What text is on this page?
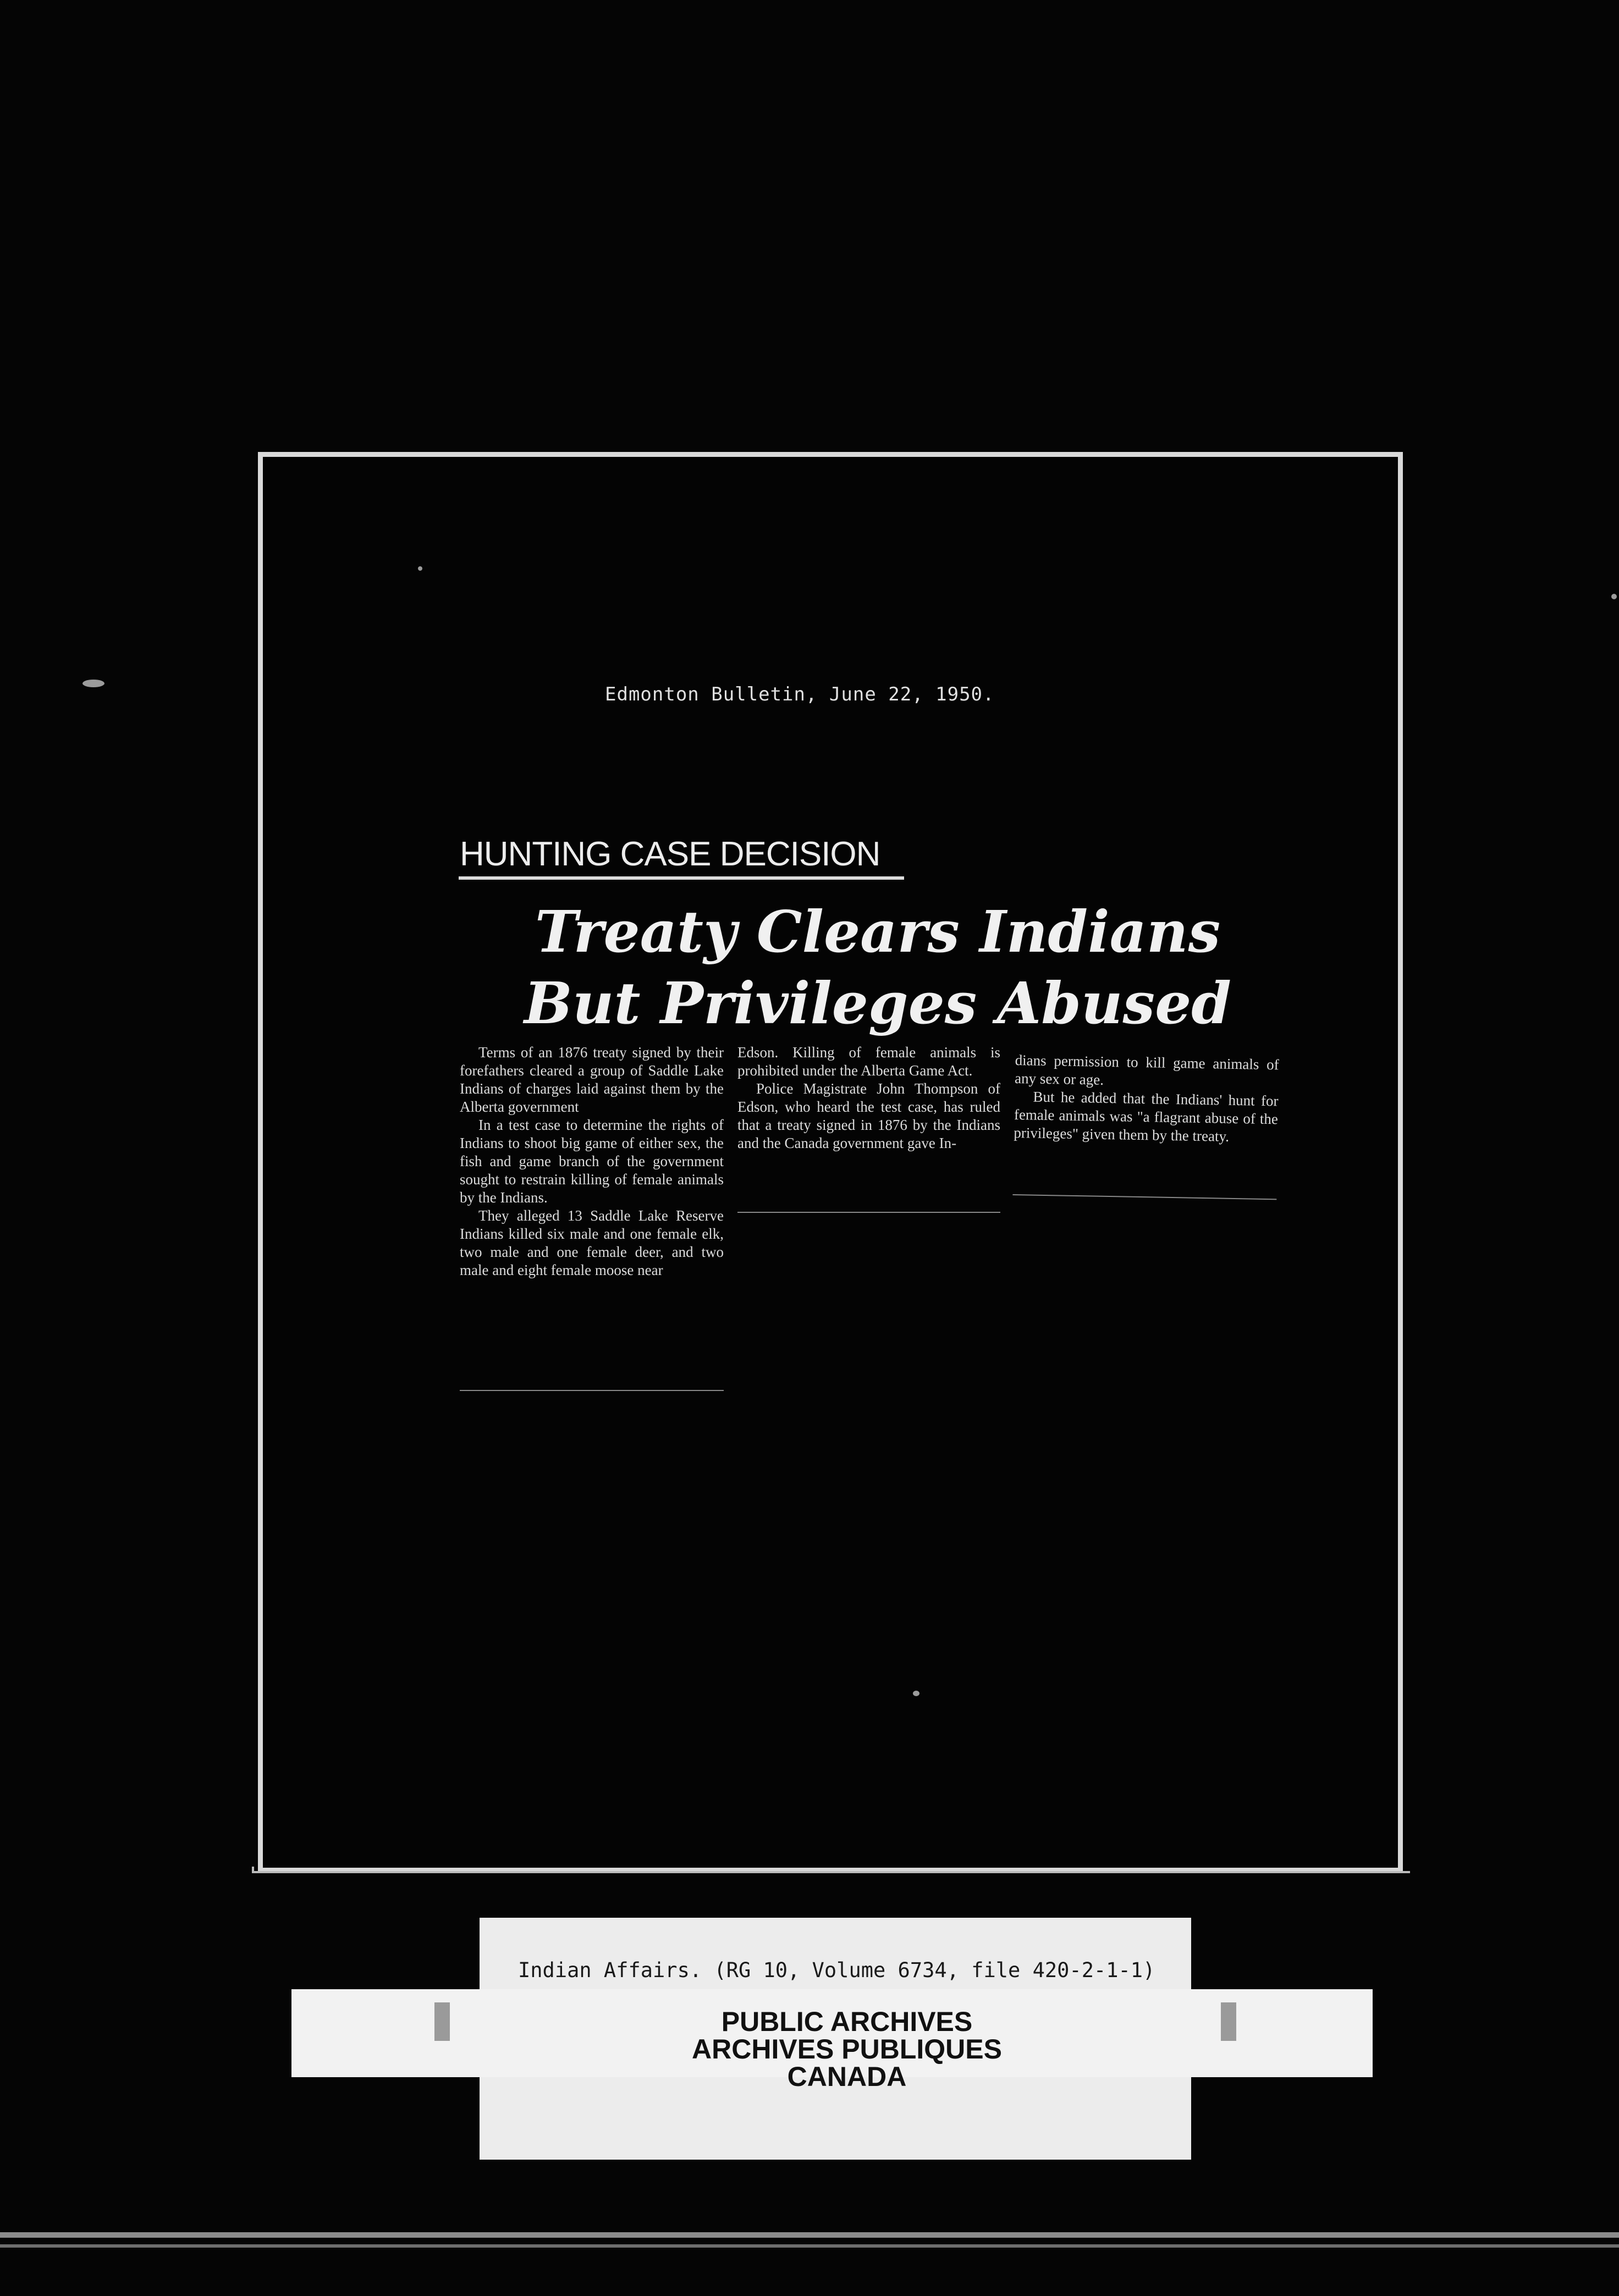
Edmonton Bulletin, June 22, 1950.
HUNTING CASE DECISION
Treaty Clears Indians
But Privileges Abused

Terms of an 1876 treaty signed by their forefathers cleared a group of Saddle Lake Indians of charges laid against them by the Alberta government

In a test case to determine the rights of Indians to shoot big game of either sex, the fish and game branch of the government sought to restrain killing of female animals by the Indians.

They alleged 13 Saddle Lake Reserve Indians killed six male and one female elk, two male and one female deer, and two male and eight female moose near

Edson. Killing of female animals is prohibited under the Alberta Game Act.

Police Magistrate John Thompson of Edson, who heard the test case, has ruled that a treaty signed in 1876 by the Indians and the Canada government gave In-

dians permission to kill game animals of any sex or age.

But he added that the Indians' hunt for female animals was "a flagrant abuse of the privileges" given them by the treaty.

Indian Affairs. (RG 10, Volume 6734, file 420-2-1-1)
PUBLIC ARCHIVES
ARCHIVES PUBLIQUES
CANADA
